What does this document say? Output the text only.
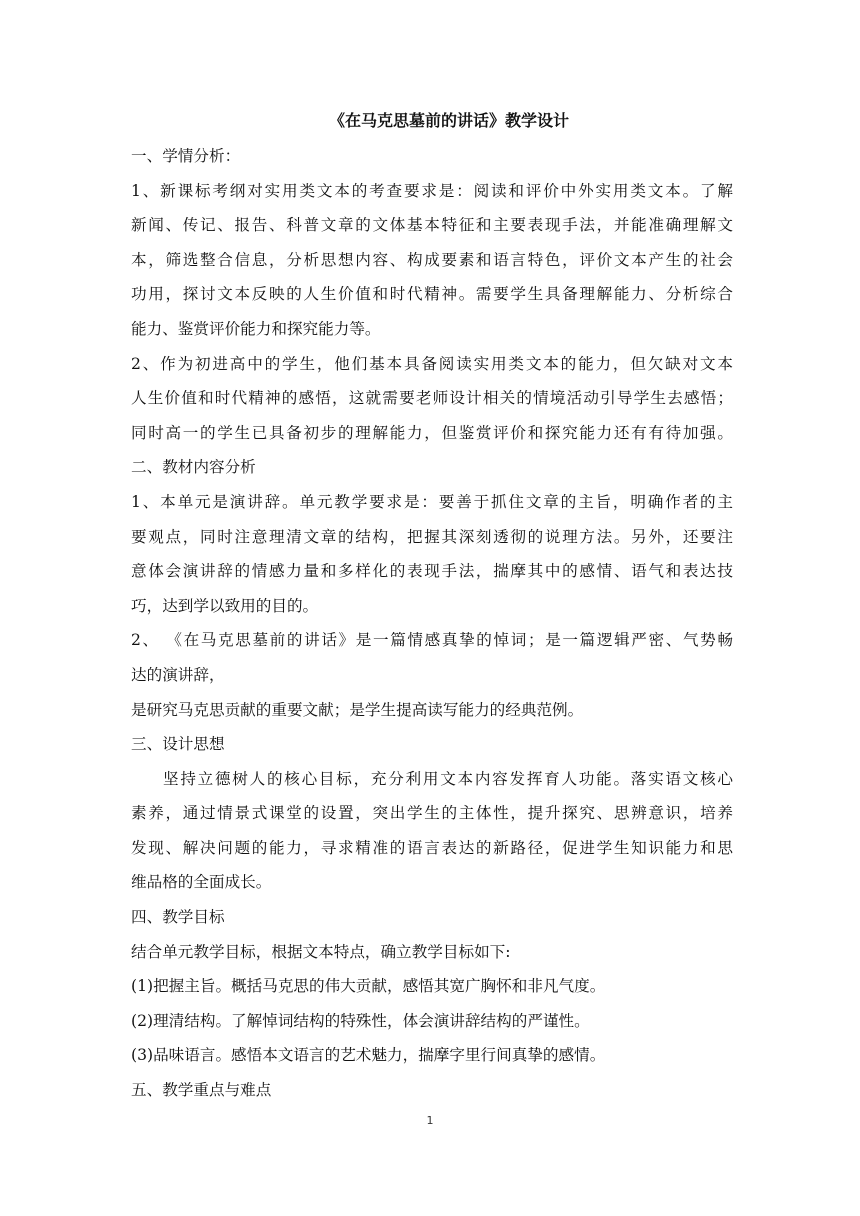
《在马克思墓前的讲话》教学设计

一、学情分析：

1、新课标考纲对实用类文本的考查要求是：阅读和评价中外实用类文本。了解

新闻、传记、报告、科普文章的文体基本特征和主要表现手法，并能准确理解文

本，筛选整合信息，分析思想内容、构成要素和语言特色，评价文本产生的社会

功用，探讨文本反映的人生价值和时代精神。需要学生具备理解能力、分析综合

能力、鉴赏评价能力和探究能力等。

2、作为初进高中的学生，他们基本具备阅读实用类文本的能力，但欠缺对文本

人生价值和时代精神的感悟，这就需要老师设计相关的情境活动引导学生去感悟；

同时高一的学生已具备初步的理解能力，但鉴赏评价和探究能力还有有待加强。

二、教材内容分析

1、本单元是演讲辞。单元教学要求是：要善于抓住文章的主旨，明确作者的主

要观点，同时注意理清文章的结构，把握其深刻透彻的说理方法。另外，还要注

意体会演讲辞的情感力量和多样化的表现手法，揣摩其中的感情、语气和表达技

巧，达到学以致用的目的。

2、 《在马克思墓前的讲话》是一篇情感真挚的悼词；是一篇逻辑严密、气势畅

达的演讲辞，

是研究马克思贡献的重要文献；是学生提高读写能力的经典范例。

三、设计思想

坚持立德树人的核心目标，充分利用文本内容发挥育人功能。落实语文核心

素养，通过情景式课堂的设置，突出学生的主体性，提升探究、思辨意识，培养

发现、解决问题的能力，寻求精准的语言表达的新路径，促进学生知识能力和思

维品格的全面成长。

四、教学目标

结合单元教学目标，根据文本特点，确立教学目标如下:

(1)把握主旨。概括马克思的伟大贡献，感悟其宽广胸怀和非凡气度。

(2)理清结构。了解悼词结构的特殊性，体会演讲辞结构的严谨性。

(3)品味语言。感悟本文语言的艺术魅力，揣摩字里行间真挚的感情。

五、教学重点与难点

1
